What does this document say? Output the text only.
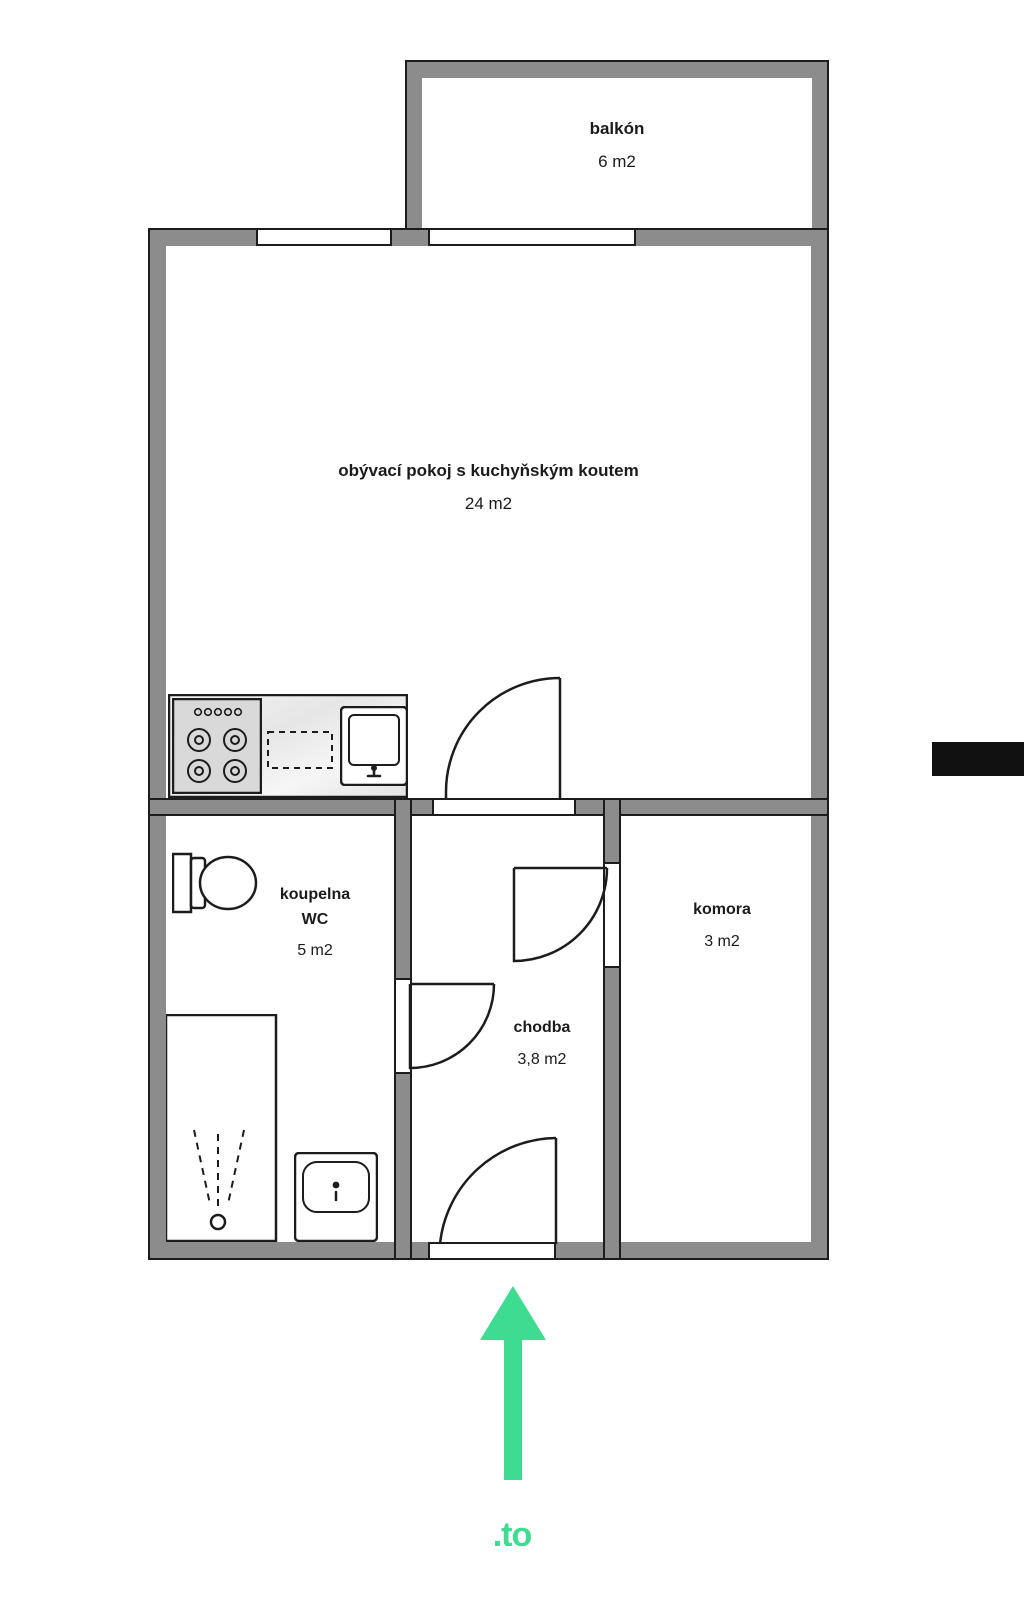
balkón
6 m2
obývací pokoj s kuchyňským koutem
24 m2
koupelna
WC
5 m2
chodba
3,8 m2
komora
3 m2
.to
